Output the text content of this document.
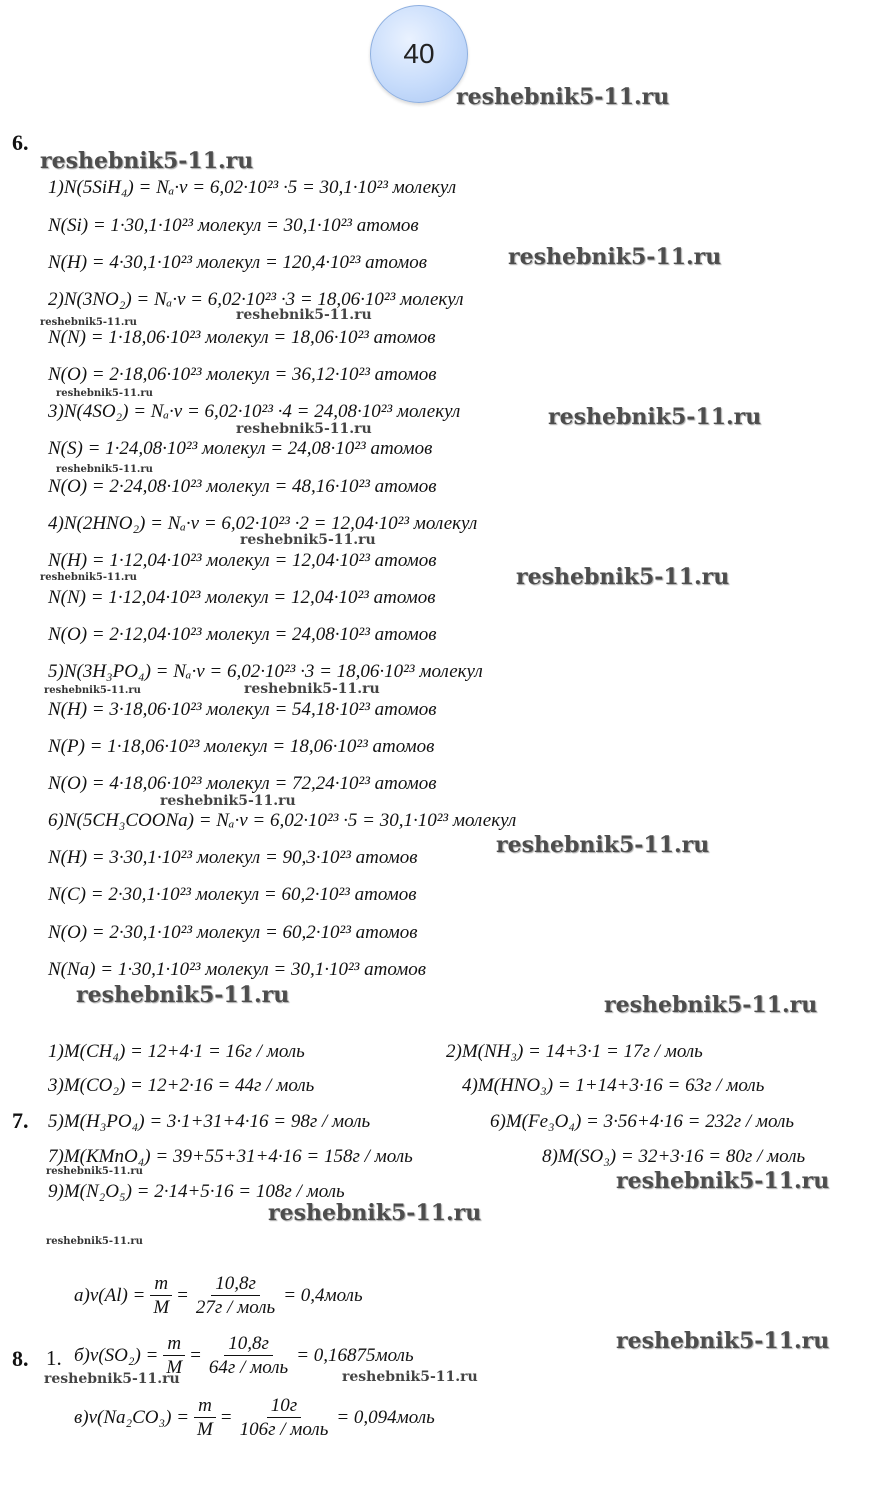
40
6.
7.
8. 1.
1)N(5SiH₄) = Nₐ·ν = 6,02·10²³ ·5 = 30,1·10²³ молекул
N(Si) = 1·30,1·10²³ молекул = 30,1·10²³ атомов
N(H) = 4·30,1·10²³ молекул = 120,4·10²³ атомов
2)N(3NO₂) = Nₐ·ν = 6,02·10²³ ·3 = 18,06·10²³ молекул
N(N) = 1·18,06·10²³ молекул = 18,06·10²³ атомов
N(O) = 2·18,06·10²³ молекул = 36,12·10²³ атомов
3)N(4SO₂) = Nₐ·ν = 6,02·10²³ ·4 = 24,08·10²³ молекул
N(S) = 1·24,08·10²³ молекул = 24,08·10²³ атомов
N(O) = 2·24,08·10²³ молекул = 48,16·10²³ атомов
4)N(2HNO₂) = Nₐ·ν = 6,02·10²³ ·2 = 12,04·10²³ молекул
N(H) = 1·12,04·10²³ молекул = 12,04·10²³ атомов
N(N) = 1·12,04·10²³ молекул = 12,04·10²³ атомов
N(O) = 2·12,04·10²³ молекул = 24,08·10²³ атомов
5)N(3H₃PO₄) = Nₐ·ν = 6,02·10²³ ·3 = 18,06·10²³ молекул
N(H) = 3·18,06·10²³ молекул = 54,18·10²³ атомов
N(P) = 1·18,06·10²³ молекул = 18,06·10²³ атомов
N(O) = 4·18,06·10²³ молекул = 72,24·10²³ атомов
6)N(5CH₃COONa) = Nₐ·ν = 6,02·10²³ ·5 = 30,1·10²³ молекул
N(H) = 3·30,1·10²³ молекул = 90,3·10²³ атомов
N(C) = 2·30,1·10²³ молекул = 60,2·10²³ атомов
N(O) = 2·30,1·10²³ молекул = 60,2·10²³ атомов
N(Na) = 1·30,1·10²³ молекул = 30,1·10²³ атомов
1)M(CH₄) = 12+4·1 = 16г / моль	2)M(NH₃) = 14+3·1 = 17г / моль
3)M(CO₂) = 12+2·16 = 44г / моль	4)M(HNO₃) = 1+14+3·16 = 63г / моль
5)M(H₃PO₄) = 3·1+31+4·16 = 98г / моль	6)M(Fe₃O₄) = 3·56+4·16 = 232г / моль
7)M(KMnO₄) = 39+55+31+4·16 = 158г / моль	8)M(SO₃) = 32+3·16 = 80г / моль
9)M(N₂O₅) = 2·14+5·16 = 108г / моль
$а)\nu(Al) = \frac{m}{M} = \frac{10,8г}{\text{27г / моль}}$ = 0,4моль
$б)\nu(SO_2) = \frac{m}{M} = \frac{10,8г}{\text{64г / моль}}$ = 0,16875моль
$в)\nu(Na_2CO_3) = \frac{m}{M} = \frac{10г}{\text{106г / моль}}$ = 0,094моль
reshebnik5-11.ru
reshebnik5-11.ru
reshebnik5-11.ru
reshebnik5-11.ru	reshebnik5-11.ru
reshebnik5-11.ru
reshebnik5-11.ru
reshebnik5-11.ru
reshebnik5-11.ru
reshebnik5-11.ru
reshebnik5-11.ru	reshebnik5-11.ru
reshebnik5-11.ru	reshebnik5-11.ru
reshebnik5-11.ru
reshebnik5-11.ru
reshebnik5-11.ru	reshebnik5-11.ru
reshebnik5-11.ru	reshebnik5-11.ru
reshebnik5-11.ru
reshebnik5-11.ru
reshebnik5-11.ru
reshebnik5-11.ru	reshebnik5-11.ru
